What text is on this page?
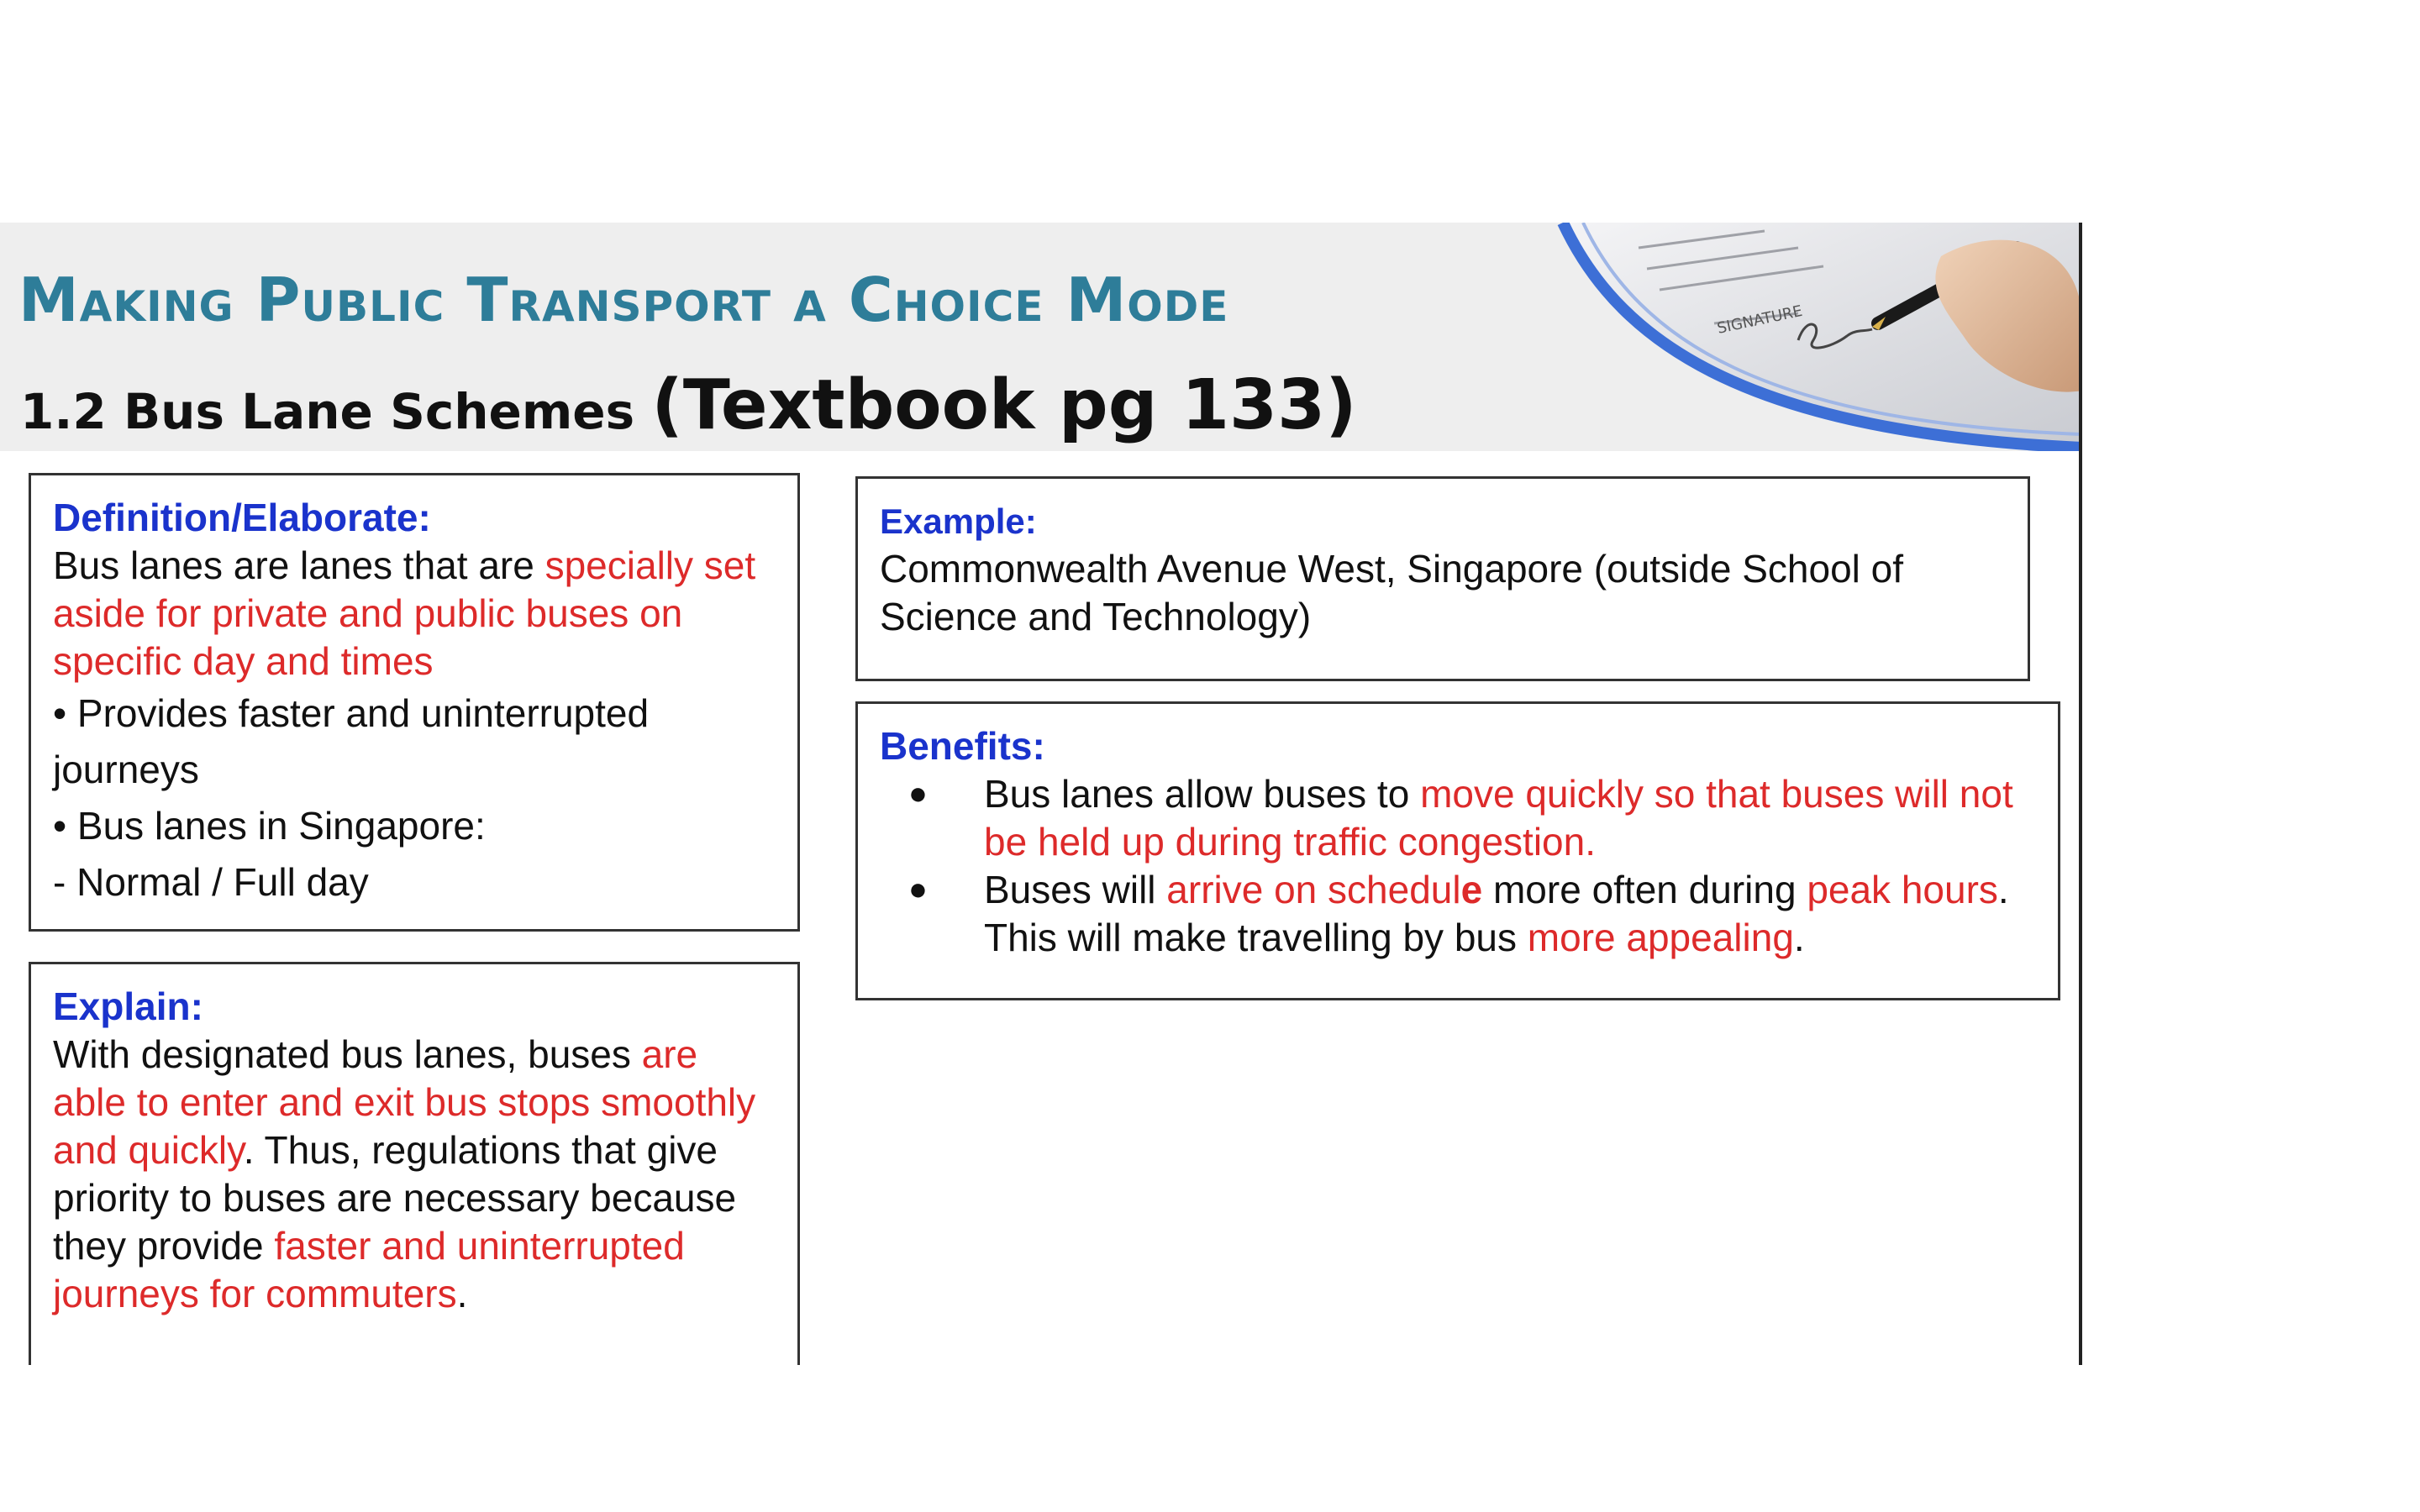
Making Public Transport a Choice Mode
1.2 Bus Lane Schemes (Textbook pg 133)
SIGNATURE
Definition/Elaborate:
Bus lanes are lanes that are specially set aside for private and public buses on specific day and times
• Provides faster and uninterrupted journeys
• Bus lanes in Singapore:
- Normal / Full day
Explain:
With designated bus lanes, buses are able to enter and exit bus stops smoothly and quickly. Thus, regulations that give priority to buses are necessary because they provide faster and uninterrupted journeys for commuters.
Example:
Commonwealth Avenue West, Singapore (outside School of Science and Technology)
Benefits:
● Bus lanes allow buses to move quickly so that buses will not be held up during traffic congestion.
● Buses will arrive on schedule more often during peak hours. This will make travelling by bus more appealing.
